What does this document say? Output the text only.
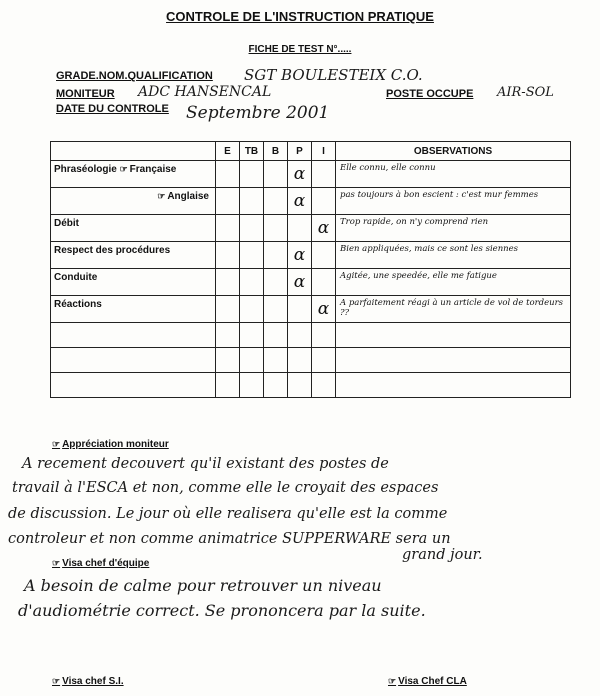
CONTROLE DE L'INSTRUCTION PRATIQUE
FICHE DE TEST N°.....
GRADE.NOM.QUALIFICATION SGT BOULESTEIX C.O.
MONITEUR ADC HANSENCAL	POSTE OCCUPE AIR-SOL
DATE DU CONTROLE Septembre 2001
	E	TB	B	P	I	OBSERVATIONS
Phraséologie ☞ Française				α		Elle connu, elle connu
☞ Anglaise				α		pas toujours à bon escient : c'est mur femmes
Débit					α	Trop rapide, on n'y comprend rien
Respect des procédures				α		Bien appliquées, mais ce sont les siennes
Conduite				α		Agitée, une speedée, elle me fatigue
Réactions					α	A parfaitement réagi à un article de vol de tordeurs ??

☞ Appréciation moniteur
A recement decouvert qu'il existant des postes de
travail à l'ESCA et non, comme elle le croyait des espaces
de discussion. Le jour où elle realisera qu'elle est la comme
controleur et non comme animatrice SUPPERWARE sera un
grand jour.
☞ Visa chef d'équipe
A besoin de calme pour retrouver un niveau
d'audiométrie correct. Se prononcera par la suite.
☞ Visa chef S.I.	☞ Visa Chef CLA
